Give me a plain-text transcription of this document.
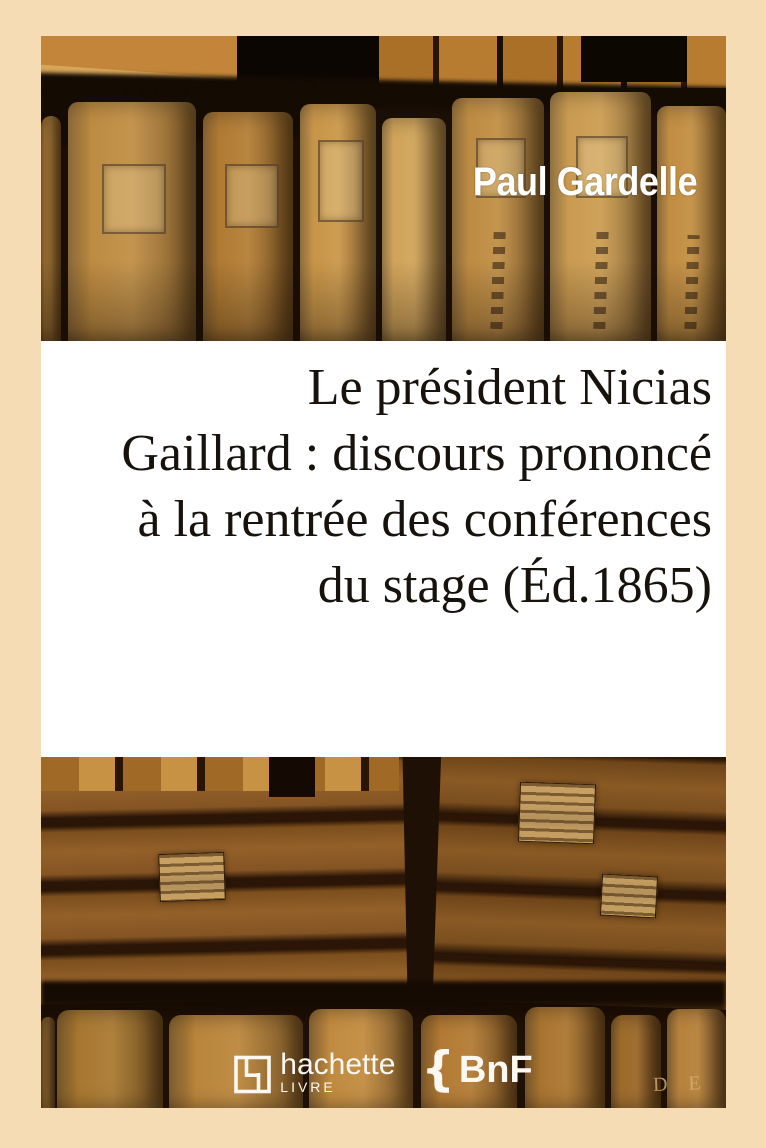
Paul Gardelle
Le président Nicias
Gaillard : discours prononcé
à la rentrée des conférences
du stage (Éd.1865)
D E
hachette
LIVRE { BnF
